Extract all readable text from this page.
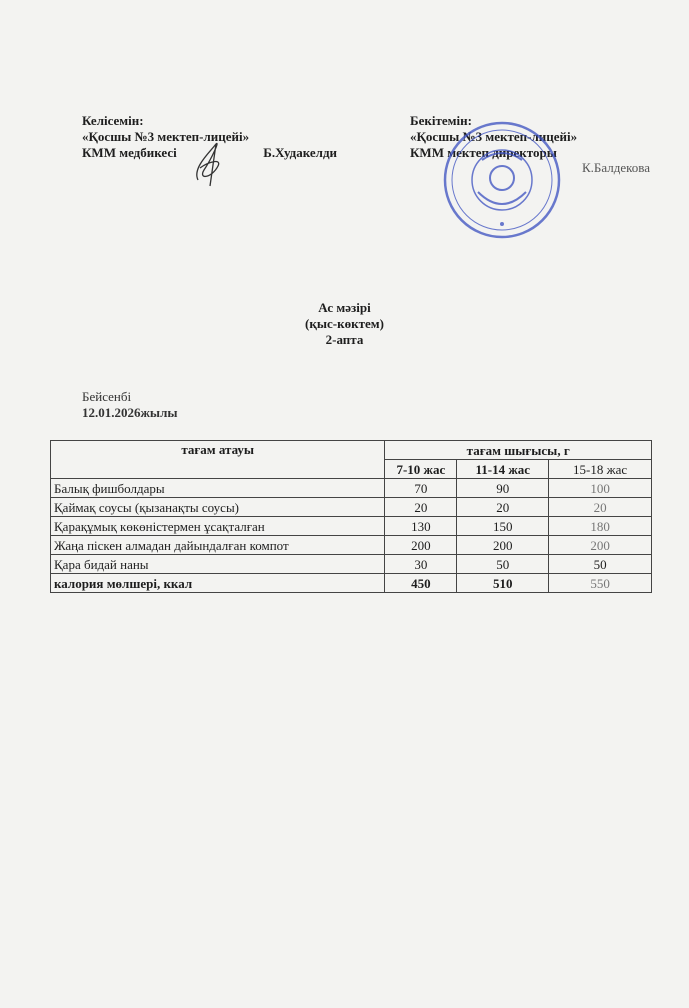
Келісемін:
«Қосшы №3 мектеп-лицейі»
КММ медбикесі	Б.Худакелди
Бекітемін:
«Қосшы №3 мектеп-лицейі»
КММ мектеп директоры
К.Балдекова
Ас мәзірі
(қыс-көктем)
2-апта
Бейсенбі
12.01.2026жылы
тағам атауы	тағам шығысы, г		
	7-10 жас	11-14 жас	15-18 жас
Балық фишболдары	70	90	100
Қаймақ соусы (қызанақты соусы)	20	20	20
Қарақұмық көкөністермен ұсақталған	130	150	180
Жаңа піскен алмадан дайындалған компот	200	200	200
Қара бидай наны	30	50	50
калория мөлшері, ккал	450	510	550
